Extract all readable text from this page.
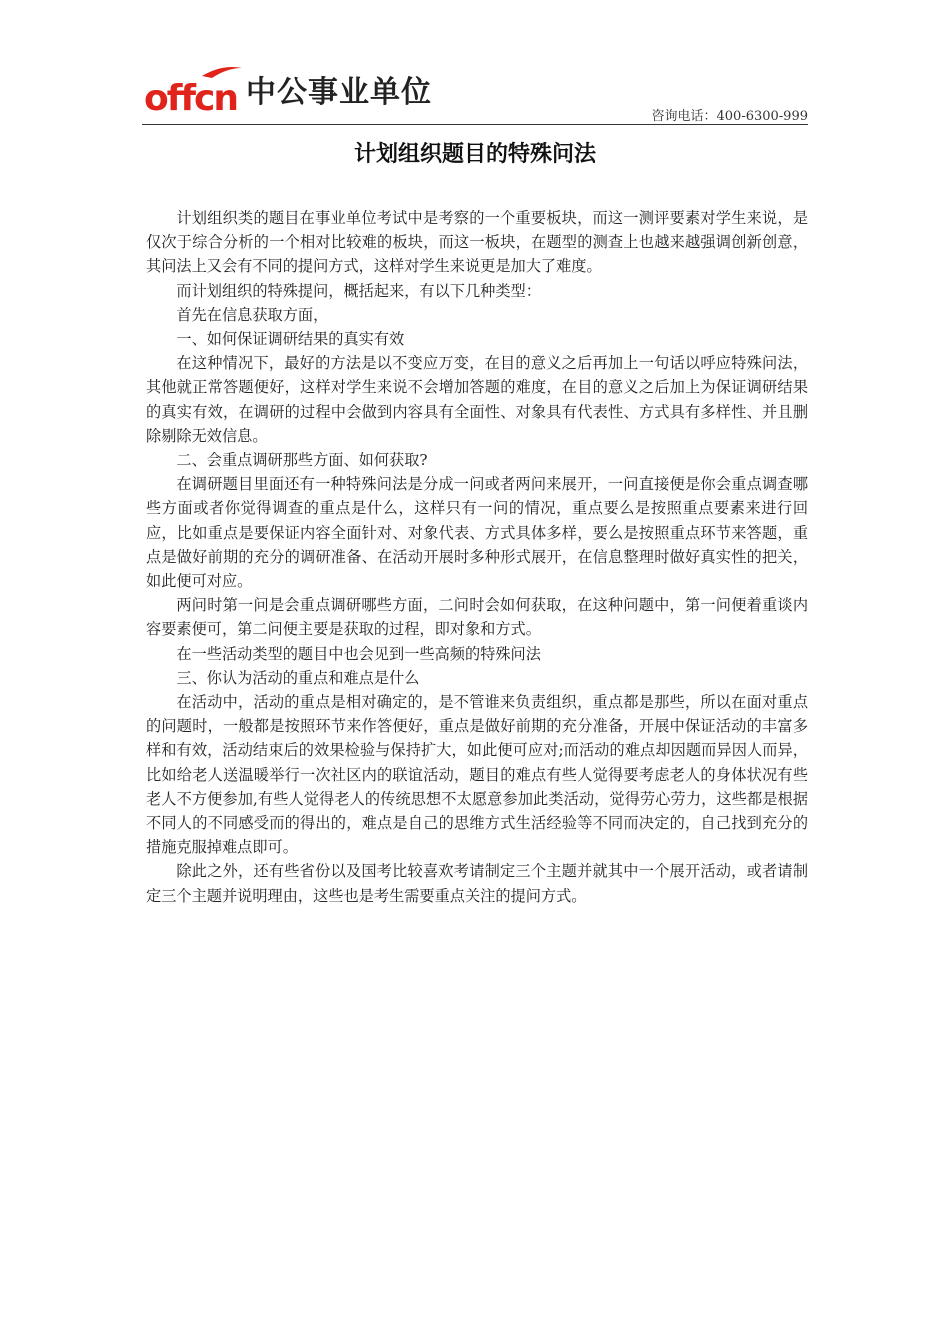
offcn 中公事业单位
咨询电话：400-6300-999
计划组织题目的特殊问法

计划组织类的题目在事业单位考试中是考察的一个重要板块，而这一测评要素对学生来说，是仅次于综合分析的一个相对比较难的板块，而这一板块，在题型的测查上也越来越强调创新创意，其问法上又会有不同的提问方式，这样对学生来说更是加大了难度。

而计划组织的特殊提问，概括起来，有以下几种类型：

首先在信息获取方面，

一、如何保证调研结果的真实有效

在这种情况下，最好的方法是以不变应万变，在目的意义之后再加上一句话以呼应特殊问法，其他就正常答题便好，这样对学生来说不会增加答题的难度，在目的意义之后加上为保证调研结果的真实有效，在调研的过程中会做到内容具有全面性、对象具有代表性、方式具有多样性、并且删除剔除无效信息。

二、会重点调研那些方面、如何获取?

在调研题目里面还有一种特殊问法是分成一问或者两问来展开，一问直接便是你会重点调查哪些方面或者你觉得调查的重点是什么，这样只有一问的情况，重点要么是按照重点要素来进行回应，比如重点是要保证内容全面针对、对象代表、方式具体多样，要么是按照重点环节来答题，重点是做好前期的充分的调研准备、在活动开展时多种形式展开，在信息整理时做好真实性的把关，如此便可对应。

两问时第一问是会重点调研哪些方面，二问时会如何获取，在这种问题中，第一问便着重谈内容要素便可，第二问便主要是获取的过程，即对象和方式。

在一些活动类型的题目中也会见到一些高频的特殊问法

三、你认为活动的重点和难点是什么

在活动中，活动的重点是相对确定的，是不管谁来负责组织，重点都是那些，所以在面对重点的问题时，一般都是按照环节来作答便好，重点是做好前期的充分准备，开展中保证活动的丰富多样和有效，活动结束后的效果检验与保持扩大，如此便可应对;而活动的难点却因题而异因人而异， 比如给老人送温暖举行一次社区内的联谊活动，题目的难点有些人觉得要考虑老人的身体状况有些老人不方便参加,有些人觉得老人的传统思想不太愿意参加此类活动，觉得劳心劳力，这些都是根据不同人的不同感受而的得出的，难点是自己的思维方式生活经验等不同而决定的，自己找到充分的措施克服掉难点即可。

除此之外，还有些省份以及国考比较喜欢考请制定三个主题并就其中一个展开活动，或者请制定三个主题并说明理由，这些也是考生需要重点关注的提问方式。
